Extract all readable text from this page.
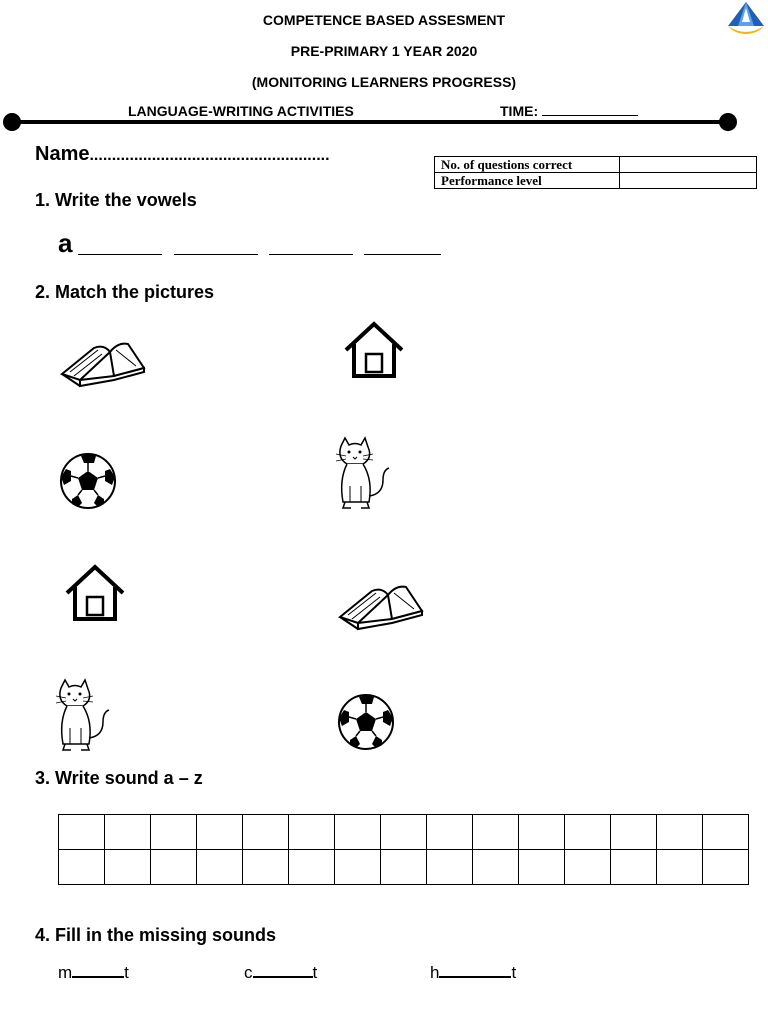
COMPETENCE BASED ASSESMENT
PRE-PRIMARY 1 YEAR 2020
(MONITORING LEARNERS PROGRESS)
LANGUAGE-WRITING ACTIVITIES	TIME:
Name......................................................
No. of questions correct	
Performance level	
1. Write the vowels
a
2. Match the pictures
3. Write sound a – z

4. Fill in the missing sounds
m	t	c	t	h	t
